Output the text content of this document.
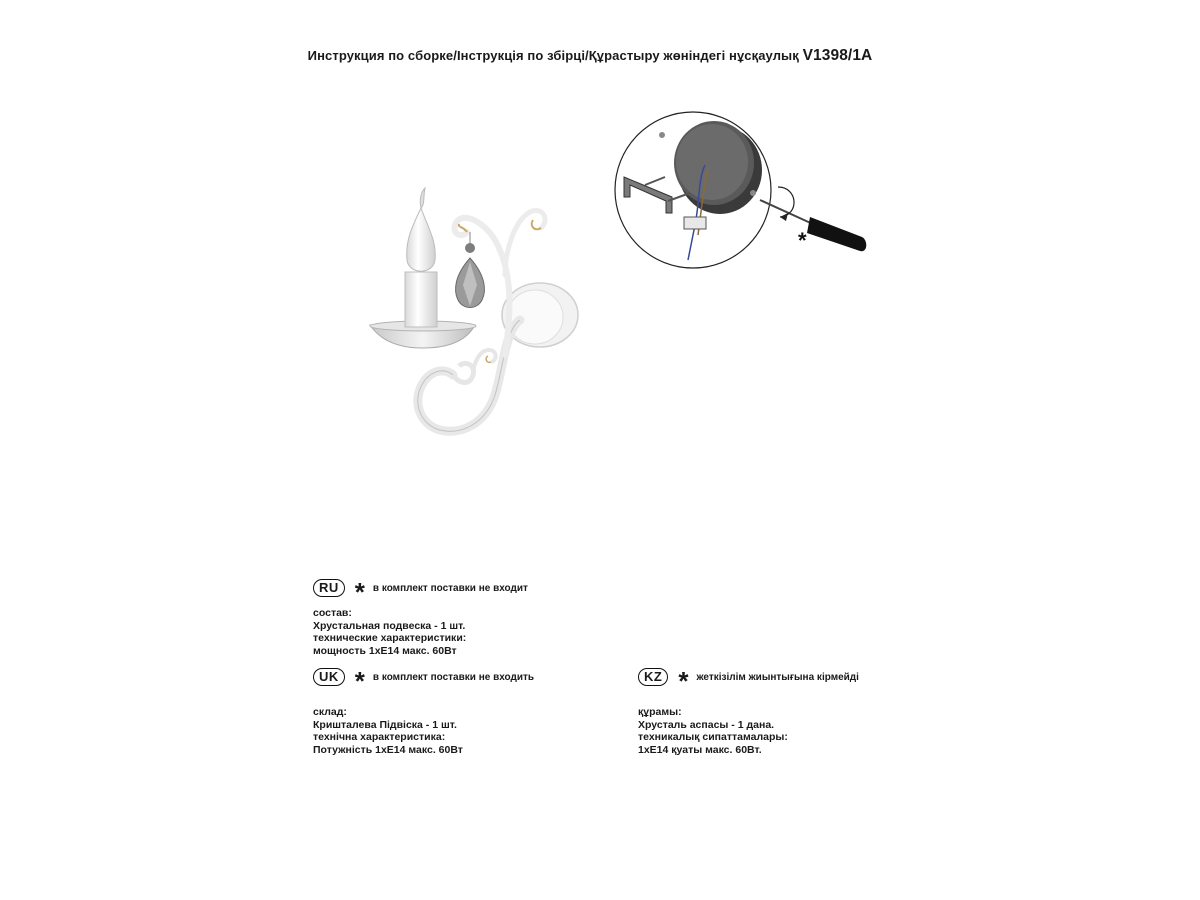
Инструкция по сборке/Інструкція по збірці/Құрастыру жөніндегі нұсқаулық V1398/1A
*
RU * в комплект поставки не входит
состав:
Хрустальная подвеска - 1 шт.
технические характеристики:
мощность 1хЕ14 макс. 60Вт
UK * в комплект поставки не входить
склад:
Кришталева Підвіска - 1 шт.
технічна характеристика:
Потужність 1хЕ14 макс. 60Вт
KZ * жеткізілім жиынтығына кірмейді
құрамы:
Хрусталь аспасы - 1 дана.
техникалық сипаттамалары:
1хЕ14 қуаты макс. 60Вт.
